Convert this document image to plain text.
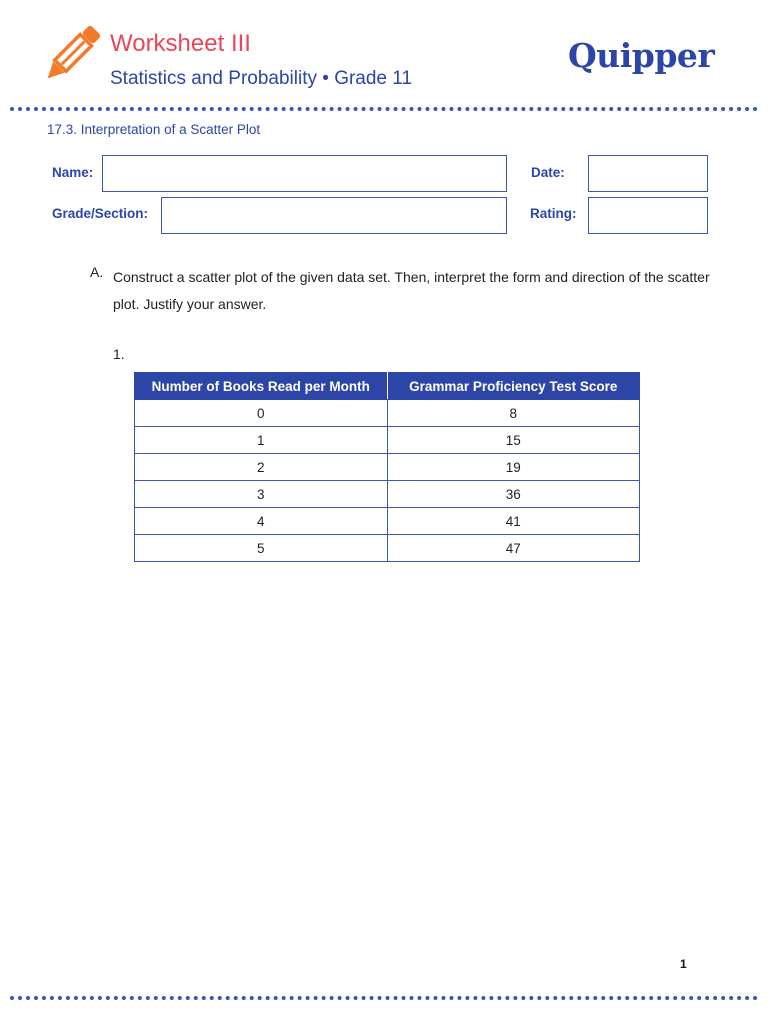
Worksheet III
Statistics and Probability • Grade 11
Quipper
17.3. Interpretation of a Scatter Plot
Name:	Date:
Grade/Section:	Rating:
A. Construct a scatter plot of the given data set. Then, interpret the form and direction of the scatter plot. Justify your answer.
1.
Number of Books Read per Month	Grammar Proficiency Test Score
0	8
1	15
2	19
3	36
4	41
5	47
1
